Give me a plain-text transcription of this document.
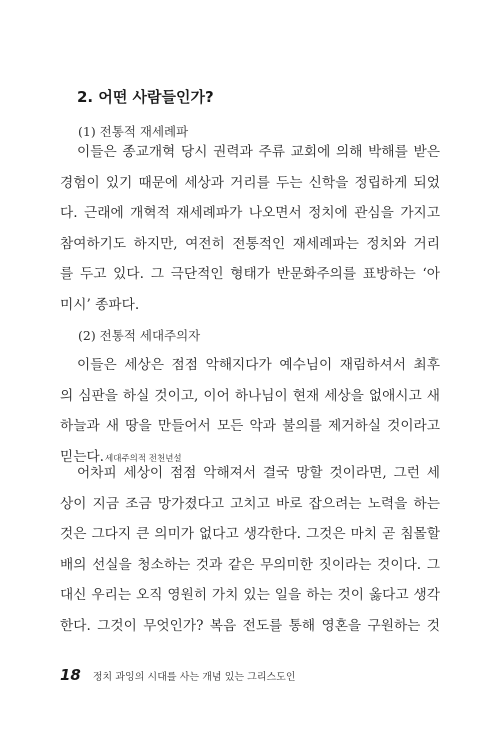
2. 어떤 사람들인가?

(1) 전통적 재세례파

이들은 종교개혁 당시 권력과 주류 교회에 의해 박해를 받은
경험이 있기 때문에 세상과 거리를 두는 신학을 정립하게 되었
다. 근래에 개혁적 재세례파가 나오면서 정치에 관심을 가지고
참여하기도 하지만, 여전히 전통적인 재세례파는 정치와 거리
를 두고 있다. 그 극단적인 형태가 반문화주의를 표방하는 ‘아
미시’ 종파다.

(2) 전통적 세대주의자

이들은 세상은 점점 악해지다가 예수님이 재림하셔서 최후
의 심판을 하실 것이고, 이어 하나님이 현재 세상을 없애시고 새
하늘과 새 땅을 만들어서 모든 악과 불의를 제거하실 것이라고
믿는다.세대주의적 전천년설
어차피 세상이 점점 악해져서 결국 망할 것이라면, 그런 세
상이 지금 조금 망가졌다고 고치고 바로 잡으려는 노력을 하는
것은 그다지 큰 의미가 없다고 생각한다. 그것은 마치 곧 침몰할
배의 선실을 청소하는 것과 같은 무의미한 짓이라는 것이다. 그
대신 우리는 오직 영원히 가치 있는 일을 하는 것이 옳다고 생각
한다. 그것이 무엇인가? 복음 전도를 통해 영혼을 구원하는 것
18 정치 과잉의 시대를 사는 개념 있는 그리스도인
